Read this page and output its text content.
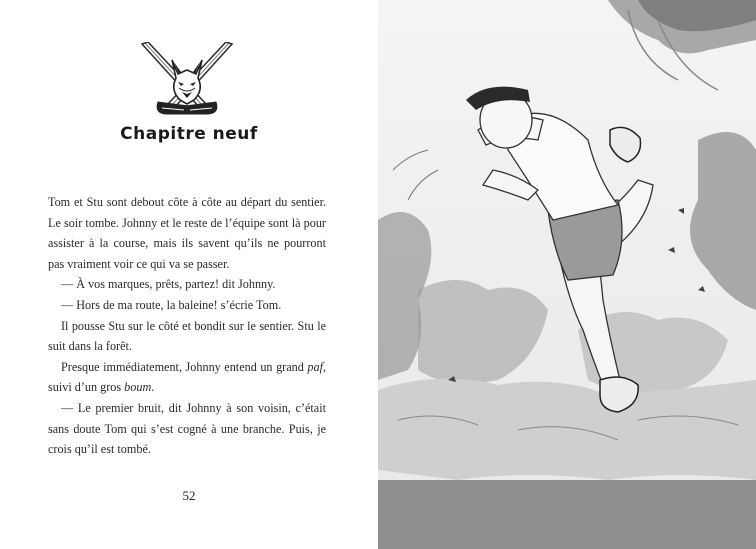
Chapitre neuf

Tom et Stu sont debout côte à côte au départ du sentier. Le soir tombe. Johnny et le reste de l’équipe sont là pour assister à la course, mais ils savent qu’ils ne pourront pas vraiment voir ce qui va se passer.

— À vos marques, prêts, partez! dit Johnny.

— Hors de ma route, la baleine! s’écrie Tom.

Il pousse Stu sur le côté et bondit sur le sentier. Stu le suit dans la forêt.

Presque immédiatement, Johnny entend un grand paf, suivi d’un gros boum.

— Le premier bruit, dit Johnny à son voisin, c’était sans doute Tom qui s’est cogné à une branche. Puis, je crois qu’il est tombé.

52
